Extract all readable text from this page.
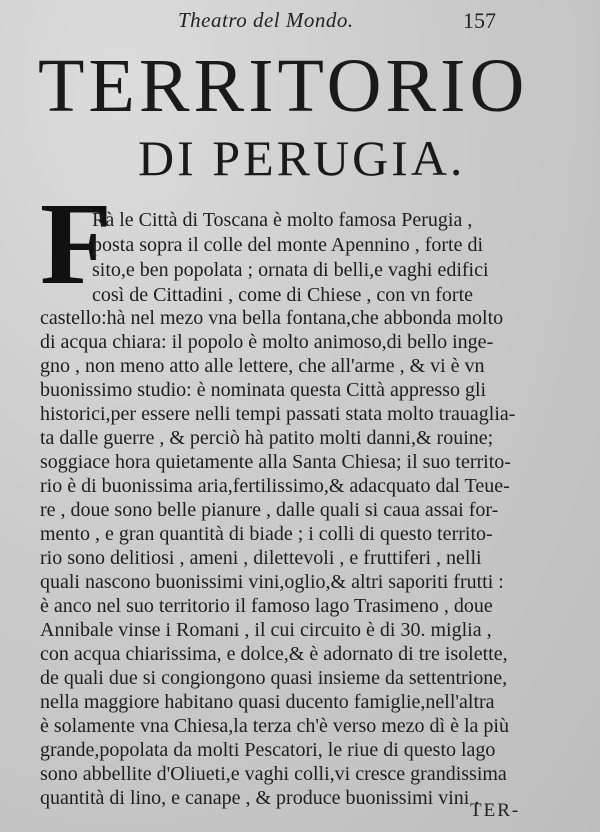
Theatro del Mondo.	157
TERRITORIO
DI PERUGIA.
F
Rà le Città di Toscana è molto famosa Perugia ,
posta sopra il colle del monte Apennino , forte di
sito,e ben popolata ; ornata di belli,e vaghi edifici
così de Cittadini , come di Chiese , con vn forte
castello:hà nel mezo vna bella fontana,che abbonda molto
di acqua chiara: il popolo è molto animoso,di bello inge-
gno , non meno atto alle lettere, che all'arme , & vi è vn
buonissimo studio: è nominata questa Città appresso gli
historici,per essere nelli tempi passati stata molto trauaglia-
ta dalle guerre , & perciò hà patito molti danni,& rouine;
soggiace hora quietamente alla Santa Chiesa; il suo territo-
rio è di buonissima aria,fertilissimo,& adacquato dal Teue-
re , doue sono belle pianure , dalle quali si caua assai for-
mento , e gran quantità di biade ; i colli di questo territo-
rio sono delitiosi , ameni , dilettevoli , e fruttiferi , nelli
quali nascono buonissimi vini,oglio,& altri saporiti frutti :
è anco nel suo territorio il famoso lago Trasimeno , doue
Annibale vinse i Romani , il cui circuito è di 30. miglia ,
con acqua chiarissima, e dolce,& è adornato di tre isolette,
de quali due si congiongono quasi insieme da settentrione,
nella maggiore habitano quasi ducento famiglie,nell'altra
è solamente vna Chiesa,la terza ch'è verso mezo dì è la più
grande,popolata da molti Pescatori, le riue di questo lago
sono abbellite d'Oliueti,e vaghi colli,vi cresce grandissima
quantità di lino, e canape , & produce buonissimi vini .
TER-
